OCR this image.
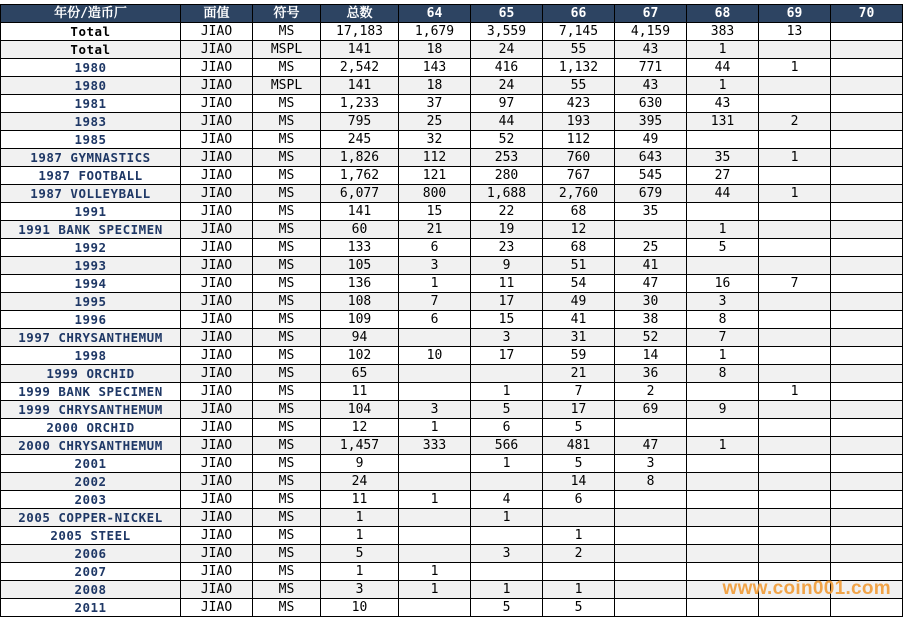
年份/造币厂	面值	符号	总数	64	65	66	67	68	69	70
Total	JIAO	MS	17,183	1,679	3,559	7,145	4,159	383	13	
Total	JIAO	MSPL	141	18	24	55	43	1		
1980	JIAO	MS	2,542	143	416	1,132	771	44	1	
1980	JIAO	MSPL	141	18	24	55	43	1		
1981	JIAO	MS	1,233	37	97	423	630	43		
1983	JIAO	MS	795	25	44	193	395	131	2	
1985	JIAO	MS	245	32	52	112	49			
1987 GYMNASTICS	JIAO	MS	1,826	112	253	760	643	35	1	
1987 FOOTBALL	JIAO	MS	1,762	121	280	767	545	27		
1987 VOLLEYBALL	JIAO	MS	6,077	800	1,688	2,760	679	44	1	
1991	JIAO	MS	141	15	22	68	35			
1991 BANK SPECIMEN	JIAO	MS	60	21	19	12		1		
1992	JIAO	MS	133	6	23	68	25	5		
1993	JIAO	MS	105	3	9	51	41			
1994	JIAO	MS	136	1	11	54	47	16	7	
1995	JIAO	MS	108	7	17	49	30	3		
1996	JIAO	MS	109	6	15	41	38	8		
1997 CHRYSANTHEMUM	JIAO	MS	94		3	31	52	7		
1998	JIAO	MS	102	10	17	59	14	1		
1999 ORCHID	JIAO	MS	65			21	36	8		
1999 BANK SPECIMEN	JIAO	MS	11		1	7	2		1	
1999 CHRYSANTHEMUM	JIAO	MS	104	3	5	17	69	9		
2000 ORCHID	JIAO	MS	12	1	6	5				
2000 CHRYSANTHEMUM	JIAO	MS	1,457	333	566	481	47	1		
2001	JIAO	MS	9		1	5	3			
2002	JIAO	MS	24			14	8			
2003	JIAO	MS	11	1	4	6				
2005 COPPER-NICKEL	JIAO	MS	1		1					
2005 STEEL	JIAO	MS	1			1				
2006	JIAO	MS	5		3	2				
2007	JIAO	MS	1	1						
2008	JIAO	MS	3	1	1	1				
2011	JIAO	MS	10		5	5				
www.coin001.com
